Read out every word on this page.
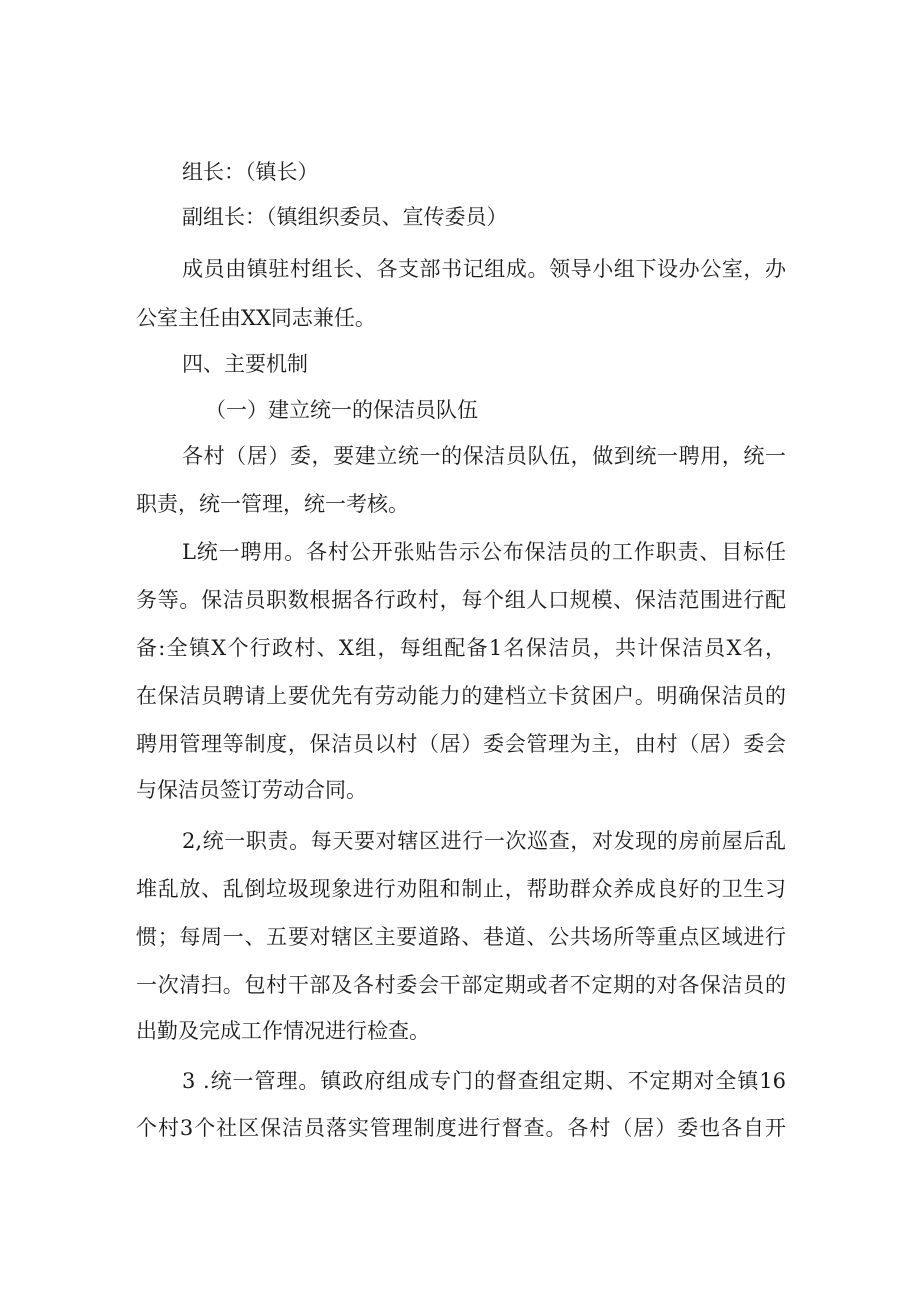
组长：（镇长）
副组长：（镇组织委员、宣传委员）
成员由镇驻村组长、各支部书记组成。领导小组下设办公室，办
公室主任由XX同志兼任。
四、主要机制
（一）建立统一的保洁员队伍
各村（居）委，要建立统一的保洁员队伍，做到统一聘用，统一
职责，统一管理，统一考核。
L统一聘用。各村公开张贴告示公布保洁员的工作职责、目标任
务等。保洁员职数根据各行政村，每个组人口规模、保洁范围进行配
备:全镇X个行政村、X组，每组配备1名保洁员，共计保洁员X名，
在保洁员聘请上要优先有劳动能力的建档立卡贫困户。明确保洁员的
聘用管理等制度，保洁员以村（居）委会管理为主，由村（居）委会
与保洁员签订劳动合同。
2,统一职责。每天要对辖区进行一次巡查，对发现的房前屋后乱
堆乱放、乱倒垃圾现象进行劝阻和制止，帮助群众养成良好的卫生习
惯；每周一、五要对辖区主要道路、巷道、公共场所等重点区域进行
一次清扫。包村干部及各村委会干部定期或者不定期的对各保洁员的
出勤及完成工作情况进行检查。
3 .统一管理。镇政府组成专门的督查组定期、不定期对全镇16
个村3个社区保洁员落实管理制度进行督查。各村（居）委也各自开
